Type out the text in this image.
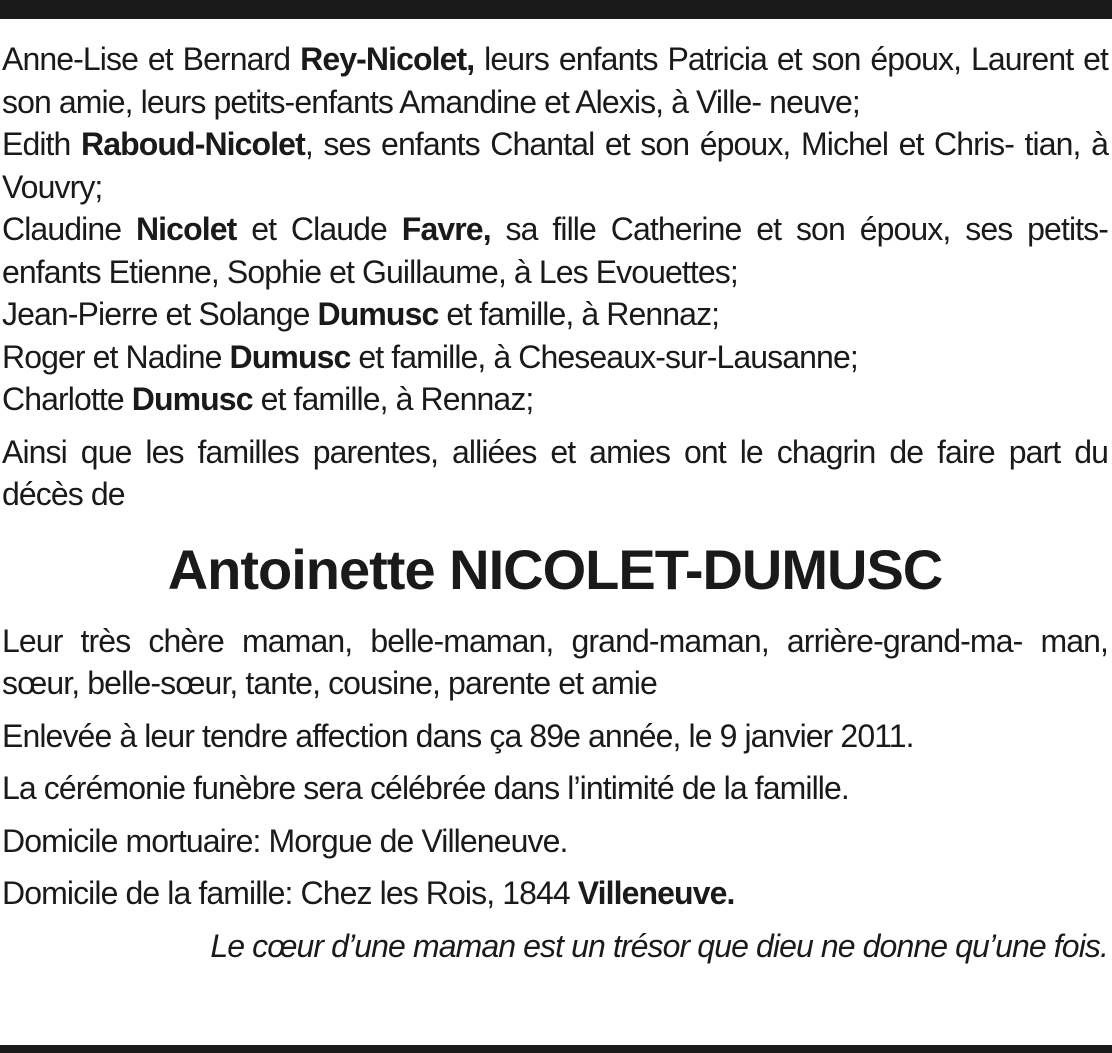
Anne-Lise et Bernard Rey-Nicolet, leurs enfants Patricia et son époux, Laurent et son amie, leurs petits-enfants Amandine et Alexis, à Ville- neuve;

Edith Raboud-Nicolet, ses enfants Chantal et son époux, Michel et Chris- tian, à Vouvry;

Claudine Nicolet et Claude Favre, sa fille Catherine et son époux, ses petits- enfants Etienne, Sophie et Guillaume, à Les Evouettes;

Jean-Pierre et Solange Dumusc et famille, à Rennaz;

Roger et Nadine Dumusc et famille, à Cheseaux-sur-Lausanne;

Charlotte Dumusc et famille, à Rennaz;

Ainsi que les familles parentes, alliées et amies ont le chagrin de faire part du décès de

Antoinette NICOLET-DUMUSC

Leur très chère maman, belle-maman, grand-maman, arrière-grand-ma- man, sœur, belle-sœur, tante, cousine, parente et amie

Enlevée à leur tendre affection dans ça 89e année, le 9 janvier 2011.

La cérémonie funèbre sera célébrée dans l’intimité de la famille.

Domicile mortuaire: Morgue de Villeneuve.

Domicile de la famille: Chez les Rois, 1844 Villeneuve.

Le cœur d’une maman est un trésor que dieu ne donne qu’une fois.
